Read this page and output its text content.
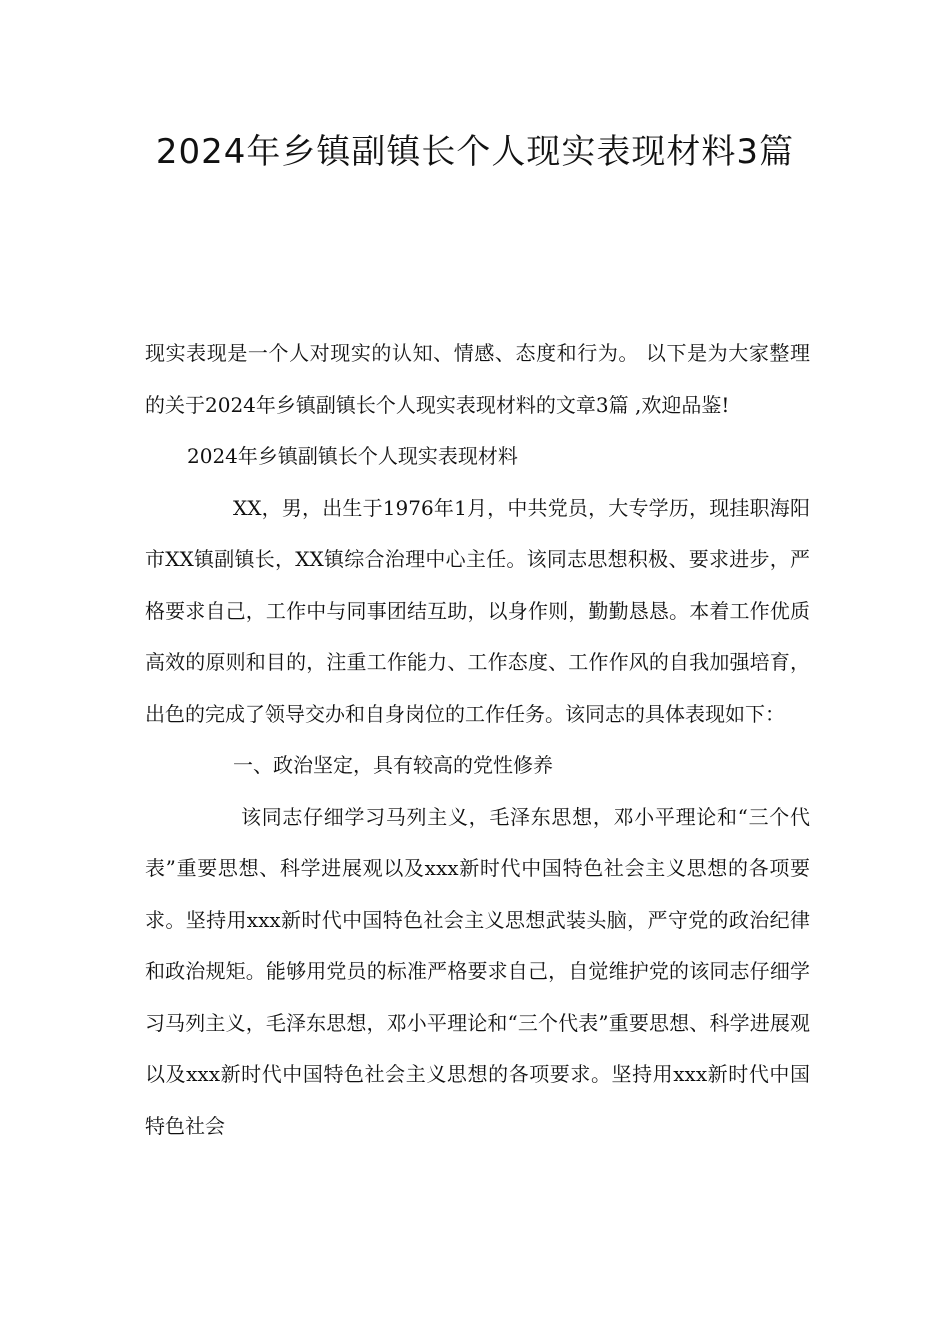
2024年乡镇副镇长个人现实表现材料3篇

现实表现是一个人对现实的认知、情感、态度和行为。 以下是为大家整理的关于2024年乡镇副镇长个人现实表现材料的文章3篇 ,欢迎品鉴!

2024年乡镇副镇长个人现实表现材料

XX，男，出生于1976年1月，中共党员，大专学历，现挂职海阳市XX镇副镇长，XX镇综合治理中心主任。该同志思想积极、要求进步，严格要求自己，工作中与同事团结互助，以身作则，勤勤恳恳。本着工作优质高效的原则和目的，注重工作能力、工作态度、工作作风的自我加强培育，出色的完成了领导交办和自身岗位的工作任务。该同志的具体表现如下：

一、政治坚定，具有较高的党性修养

该同志仔细学习马列主义，毛泽东思想，邓小平理论和“三个代表”重要思想、科学进展观以及xxx新时代中国特色社会主义思想的各项要求。坚持用xxx新时代中国特色社会主义思想武装头脑，严守党的政治纪律和政治规矩。能够用党员的标准严格要求自己，自觉维护党的该同志仔细学习马列主义，毛泽东思想，邓小平理论和“三个代表”重要思想、科学进展观以及xxx新时代中国特色社会主义思想的各项要求。坚持用xxx新时代中国特色社会
